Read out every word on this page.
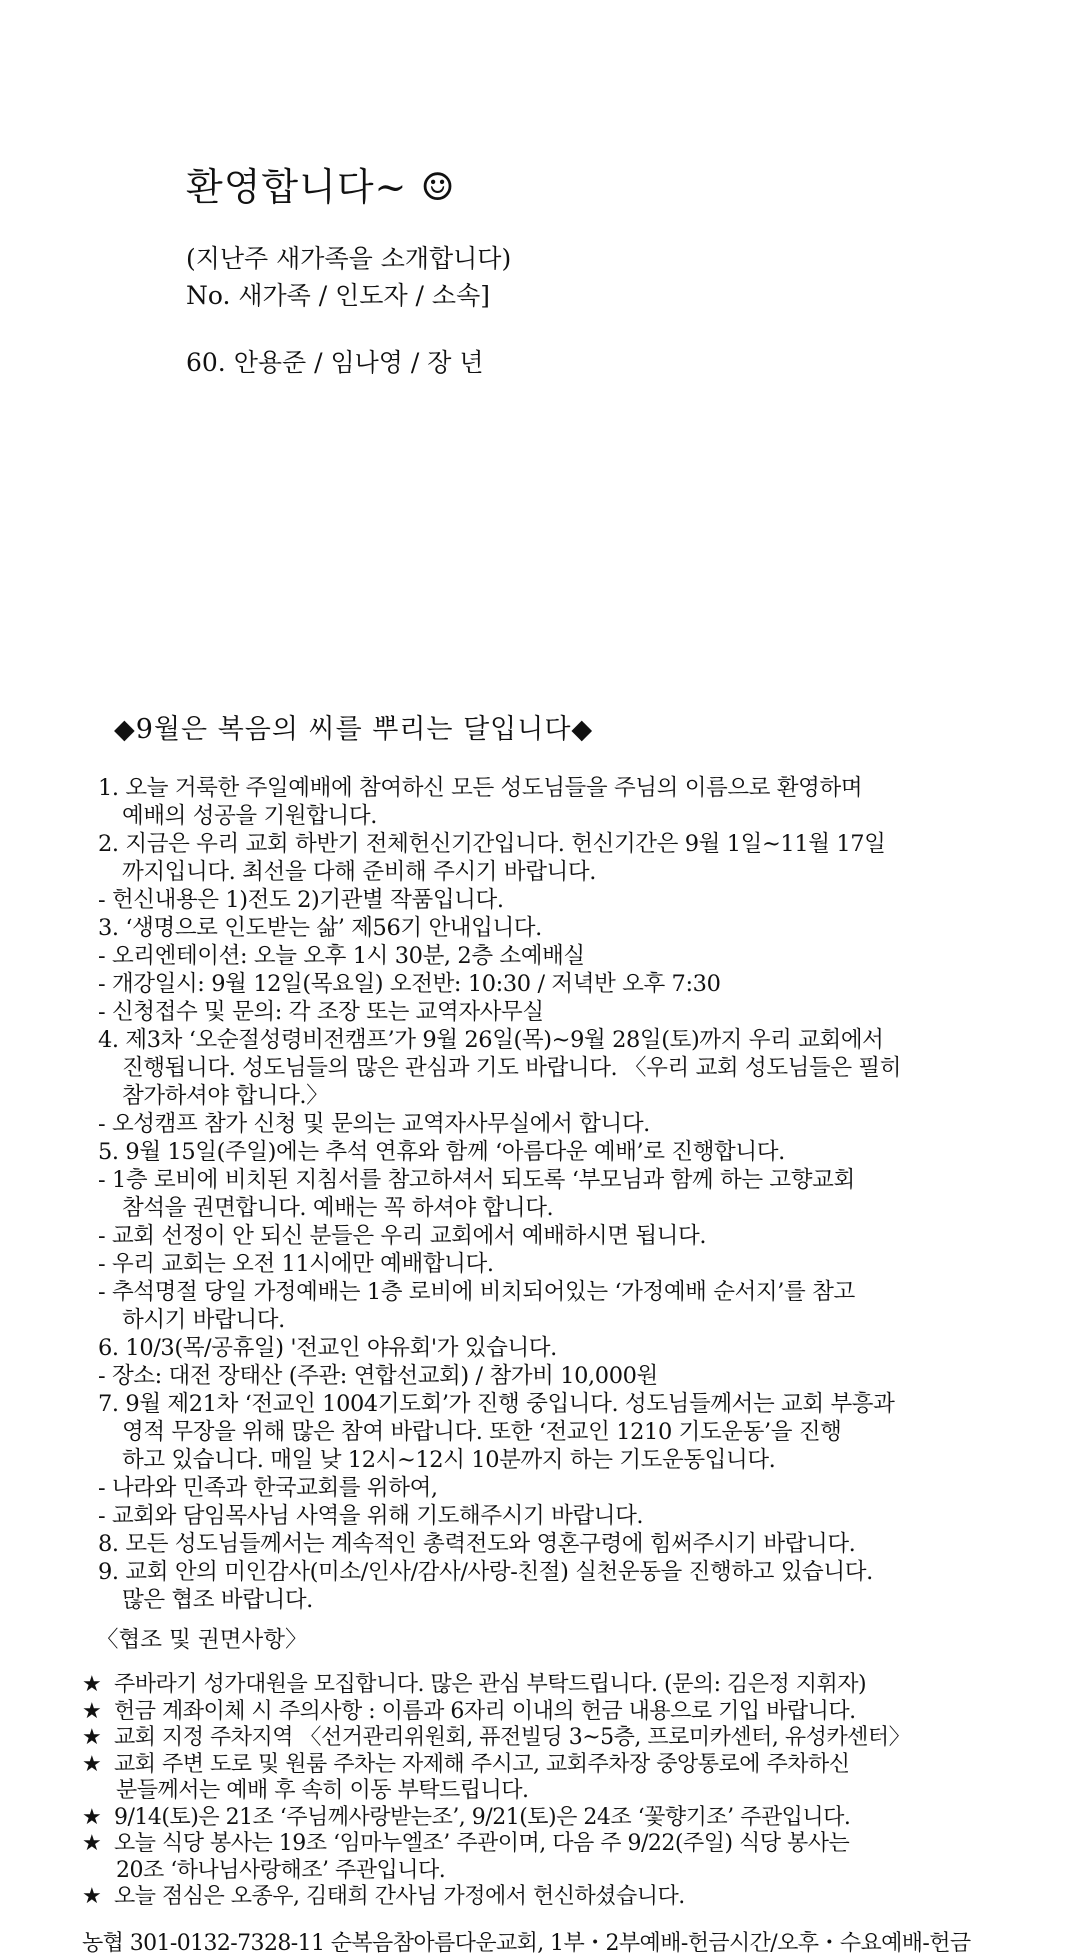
환영합니다~ ☺
(지난주 새가족을 소개합니다)
No. 새가족 / 인도자 / 소속]
60. 안용준 / 임나영 / 장 년
◆9월은 복음의 씨를 뿌리는 달입니다◆
1. 오늘 거룩한 주일예배에 참여하신 모든 성도님들을 주님의 이름으로 환영하며
예배의 성공을 기원합니다.
2. 지금은 우리 교회 하반기 전체헌신기간입니다. 헌신기간은 9월 1일~11월 17일
까지입니다. 최선을 다해 준비해 주시기 바랍니다.
- 헌신내용은 1)전도 2)기관별 작품입니다.
3. ‘생명으로 인도받는 삶’ 제56기 안내입니다.
- 오리엔테이션: 오늘 오후 1시 30분, 2층 소예배실
- 개강일시: 9월 12일(목요일) 오전반: 10:30 / 저녁반 오후 7:30
- 신청접수 및 문의: 각 조장 또는 교역자사무실
4. 제3차 ‘오순절성령비전캠프’가 9월 26일(목)~9월 28일(토)까지 우리 교회에서
진행됩니다. 성도님들의 많은 관심과 기도 바랍니다. 〈우리 교회 성도님들은 필히
참가하셔야 합니다.〉
- 오성캠프 참가 신청 및 문의는 교역자사무실에서 합니다.
5. 9월 15일(주일)에는 추석 연휴와 함께 ‘아름다운 예배’로 진행합니다.
- 1층 로비에 비치된 지침서를 참고하셔서 되도록 ‘부모님과 함께 하는 고향교회
참석을 권면합니다. 예배는 꼭 하셔야 합니다.
- 교회 선정이 안 되신 분들은 우리 교회에서 예배하시면 됩니다.
- 우리 교회는 오전 11시에만 예배합니다.
- 추석명절 당일 가정예배는 1층 로비에 비치되어있는 ‘가정예배 순서지’를 참고
하시기 바랍니다.
6. 10/3(목/공휴일) '전교인 야유회'가 있습니다.
- 장소: 대전 장태산 (주관: 연합선교회) / 참가비 10,000원
7. 9월 제21차 ‘전교인 1004기도회’가 진행 중입니다. 성도님들께서는 교회 부흥과
영적 무장을 위해 많은 참여 바랍니다. 또한 ‘전교인 1210 기도운동’을 진행
하고 있습니다. 매일 낮 12시~12시 10분까지 하는 기도운동입니다.
- 나라와 민족과 한국교회를 위하여,
- 교회와 담임목사님 사역을 위해 기도해주시기 바랍니다.
8. 모든 성도님들께서는 계속적인 총력전도와 영혼구령에 힘써주시기 바랍니다.
9. 교회 안의 미인감사(미소/인사/감사/사랑-친절) 실천운동을 진행하고 있습니다.
많은 협조 바랍니다.
〈협조 및 권면사항〉
★ 주바라기 성가대원을 모집합니다. 많은 관심 부탁드립니다. (문의: 김은정 지휘자)
★ 헌금 계좌이체 시 주의사항 : 이름과 6자리 이내의 헌금 내용으로 기입 바랍니다.
★ 교회 지정 주차지역 〈선거관리위원회, 퓨전빌딩 3~5층, 프로미카센터, 유성카센터〉
★ 교회 주변 도로 및 원룸 주차는 자제해 주시고, 교회주차장 중앙통로에 주차하신
분들께서는 예배 후 속히 이동 부탁드립니다.
★ 9/14(토)은 21조 ‘주님께사랑받는조’, 9/21(토)은 24조 ‘꽃향기조’ 주관입니다.
★ 오늘 식당 봉사는 19조 ‘임마누엘조’ 주관이며, 다음 주 9/22(주일) 식당 봉사는
20조 ‘하나님사랑해조’ 주관입니다.
★ 오늘 점심은 오종우, 김태희 간사님 가정에서 헌신하셨습니다.
농협 301-0132-7328-11 순복음참아름다운교회, 1부・2부예배-헌금시간/오후・수요예배-헌금
